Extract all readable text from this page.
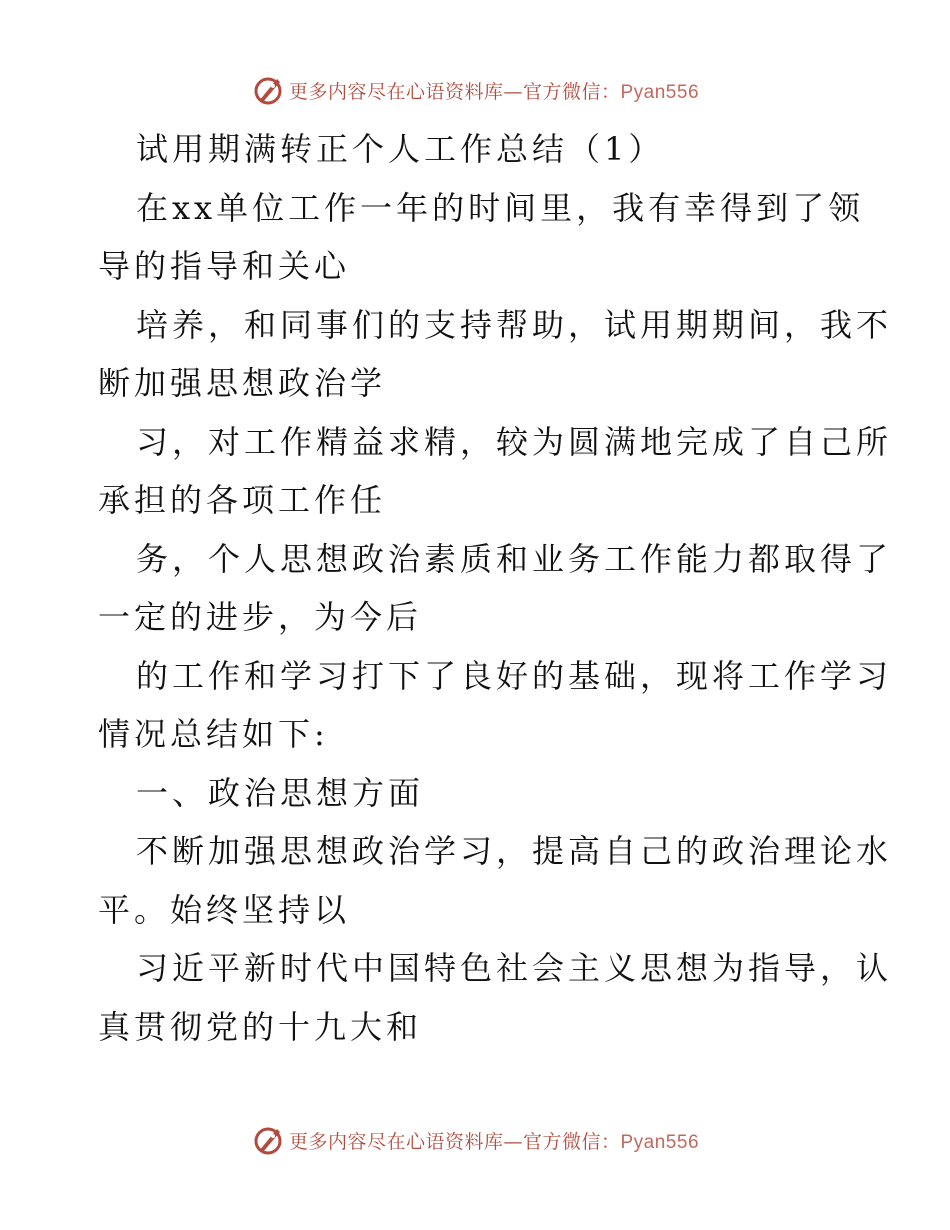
更多内容尽在心语资料库—官方微信：Pyan556

试用期满转正个人工作总结（1）

在xx单位工作一年的时间里，我有幸得到了领

导的指导和关心

培养，和同事们的支持帮助，试用期期间，我不

断加强思想政治学

习，对工作精益求精，较为圆满地完成了自己所

承担的各项工作任

务，个人思想政治素质和业务工作能力都取得了

一定的进步，为今后

的工作和学习打下了良好的基础，现将工作学习

情况总结如下:

一、政治思想方面

不断加强思想政治学习，提高自己的政治理论水

平。始终坚持以

习近平新时代中国特色社会主义思想为指导，认

真贯彻党的十九大和

更多内容尽在心语资料库—官方微信：Pyan556
